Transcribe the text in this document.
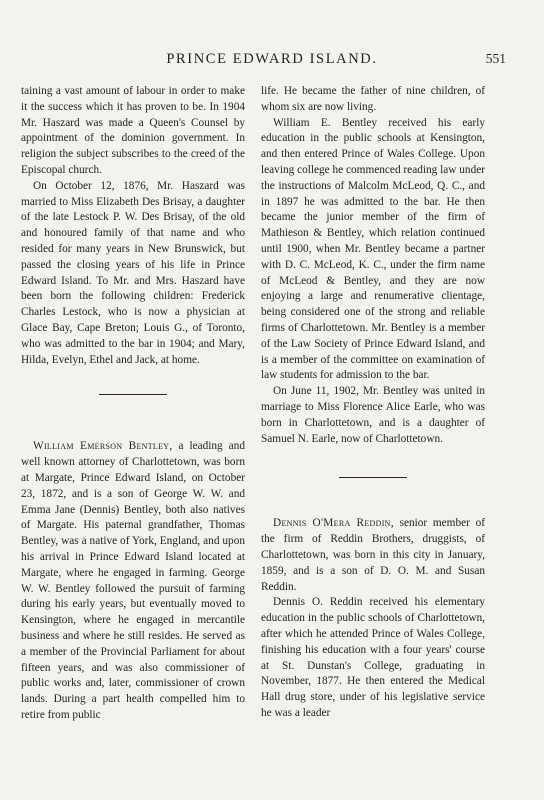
PRINCE EDWARD ISLAND.	551

taining a vast amount of labour in order to make it the success which it has proven to be. In 1904 Mr. Haszard was made a Queen's Counsel by appointment of the dominion government. In religion the subject subscribes to the creed of the Episcopal church.

On October 12, 1876, Mr. Haszard was married to Miss Elizabeth Des Brisay, a daughter of the late Lestock P. W. Des Brisay, of the old and honoured family of that name and who resided for many years in New Brunswick, but passed the closing years of his life in Prince Edward Island. To Mr. and Mrs. Haszard have been born the following children: Frederick Charles Lestock, who is now a physician at Glace Bay, Cape Breton; Louis G., of Toronto, who was admitted to the bar in 1904; and Mary, Hilda, Evelyn, Ethel and Jack, at home.

William Emerson Bentley, a leading and well known attorney of Charlottetown, was born at Margate, Prince Edward Island, on October 23, 1872, and is a son of George W. W. and Emma Jane (Dennis) Bentley, both also natives of Margate. His paternal grandfather, Thomas Bentley, was a native of York, England, and upon his arrival in Prince Edward Island located at Margate, where he engaged in farming. George W. W. Bentley followed the pursuit of farming during his early years, but eventually moved to Kensington, where he engaged in mercantile business and where he still resides. He served as a member of the Provincial Parliament for about fifteen years, and was also commissioner of public works and, later, commissioner of crown lands. During a part health compelled him to retire from public

life. He became the father of nine children, of whom six are now living.

William E. Bentley received his early education in the public schools at Kensington, and then entered Prince of Wales College. Upon leaving college he commenced reading law under the instructions of Malcolm McLeod, Q. C., and in 1897 he was admitted to the bar. He then became the junior member of the firm of Mathieson & Bentley, which relation continued until 1900, when Mr. Bentley became a partner with D. C. McLeod, K. C., under the firm name of McLeod & Bentley, and they are now enjoying a large and renumerative clientage, being considered one of the strong and reliable firms of Charlottetown. Mr. Bentley is a member of the Law Society of Prince Edward Island, and is a member of the committee on examination of law students for admission to the bar.

On June 11, 1902, Mr. Bentley was united in marriage to Miss Florence Alice Earle, who was born in Charlottetown, and is a daughter of Samuel N. Earle, now of Charlottetown.

Dennis O'Mera Reddin, senior member of the firm of Reddin Brothers, druggists, of Charlottetown, was born in this city in January, 1859, and is a son of D. O. M. and Susan Reddin.

Dennis O. Reddin received his elementary education in the public schools of Charlottetown, after which he attended Prince of Wales College, finishing his education with a four years' course at St. Dunstan's College, graduating in November, 1877. He then entered the Medical Hall drug store, under of his legislative service he was a leader
